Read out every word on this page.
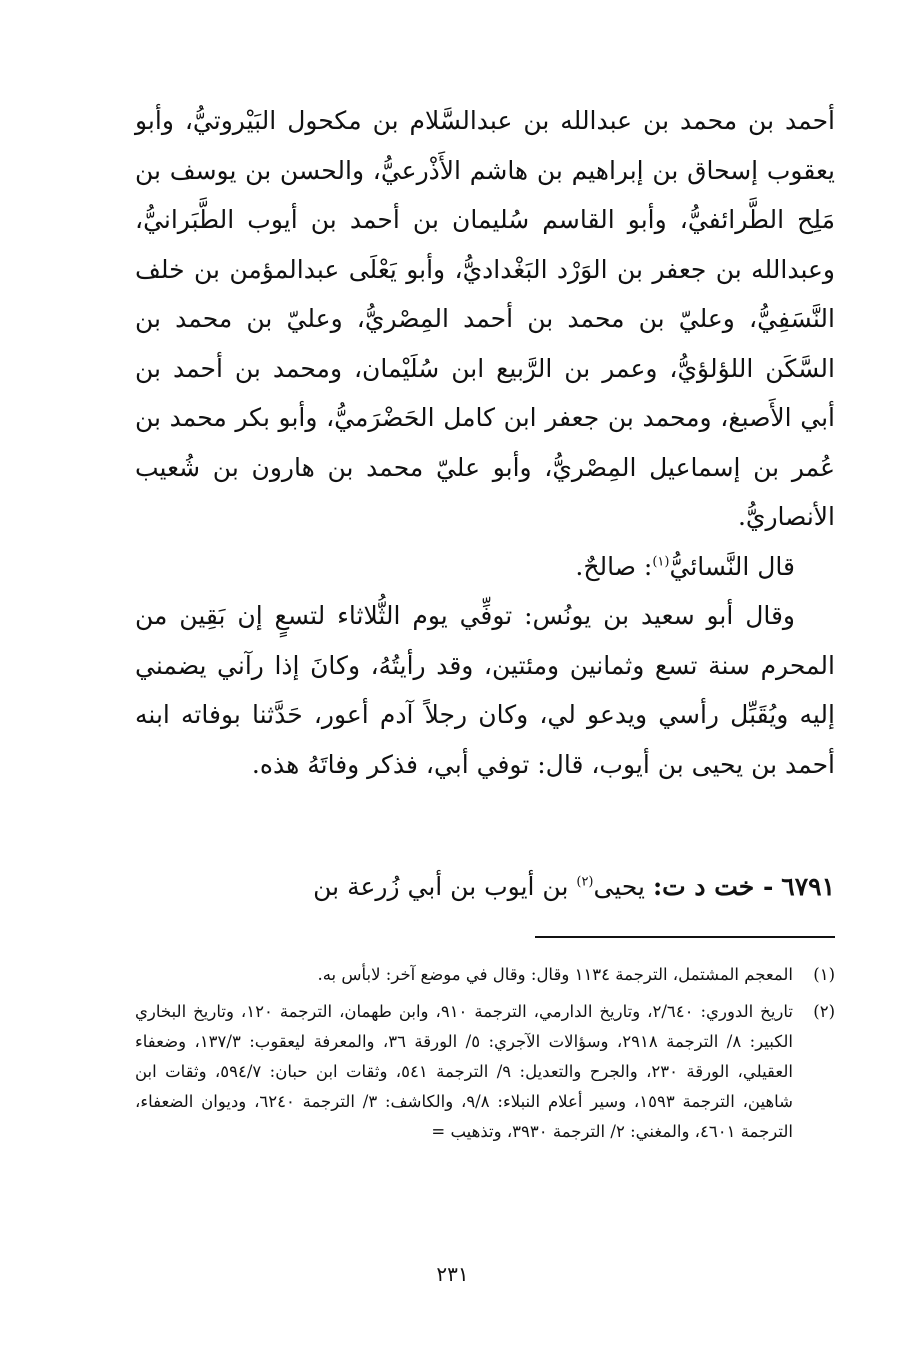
أحمد بن محمد بن عبدالله بن عبدالسَّلام بن مكحول البَيْروتيُّ، وأبو يعقوب إسحاق بن إبراهيم بن هاشم الأَذْرعيُّ، والحسن بن يوسف بن مَلِح الطَّرائفيُّ، وأبو القاسم سُليمان بن أحمد بن أيوب الطَّبَرانيُّ، وعبدالله بن جعفر بن الوَرْد البَغْداديُّ، وأبو يَعْلَى عبدالمؤمن بن خلف النَّسَفِيُّ، وعليّ بن محمد بن أحمد المِصْريُّ، وعليّ بن محمد بن السَّكَن اللؤلؤيُّ، وعمر بن الرَّبيع ابن سُلَيْمان، ومحمد بن أحمد بن أبي الأَصبغ، ومحمد بن جعفر ابن كامل الحَضْرَميُّ، وأبو بكر محمد بن عُمر بن إسماعيل المِصْريُّ، وأبو عليّ محمد بن هارون بن شُعيب الأنصاريُّ.

قال النَّسائيُّ$^{(١)}$: صالحٌ.

وقال أبو سعيد بن يونُس: توفِّي يوم الثُّلاثاء لتسعٍ إن بَقِين من المحرم سنة تسع وثمانين ومئتين، وقد رأيتُهُ، وكانَ إذا رآني يضمني إليه ويُقَبِّل رأسي ويدعو لي، وكان رجلاً آدم أعور، حَدَّثنا بوفاته ابنه أحمد بن يحيى بن أيوب، قال: توفي أبي، فذكر وفاتَهُ هذه.

٦٧٩١ - خت د ت: يحيى$^{(٢)}$ بن أيوب بن أبي زُرعة بن

(١)
المعجم المشتمل، الترجمة ١١٣٤ وقال: وقال في موضع آخر: لابأس به.
(٢)
تاريخ الدوري: ٢/٦٤٠، وتاريخ الدارمي، الترجمة ٩١٠، وابن طهمان، الترجمة ١٢٠، وتاريخ البخاري الكبير: ٨/ الترجمة ٢٩١٨، وسؤالات الآجري: ٥/ الورقة ٣٦، والمعرفة ليعقوب: ١٣٧/٣، وضعفاء العقيلي، الورقة ٢٣٠، والجرح والتعديل: ٩/ الترجمة ٥٤١، وثقات ابن حبان: ٥٩٤/٧، وثقات ابن شاهين، الترجمة ١٥٩٣، وسير أعلام النبلاء: ٩/٨، والكاشف: ٣/ الترجمة ٦٢٤٠، وديوان الضعفاء، الترجمة ٤٦٠١، والمغني: ٢/ الترجمة ٣٩٣٠، وتذهيب =
٢٣١
